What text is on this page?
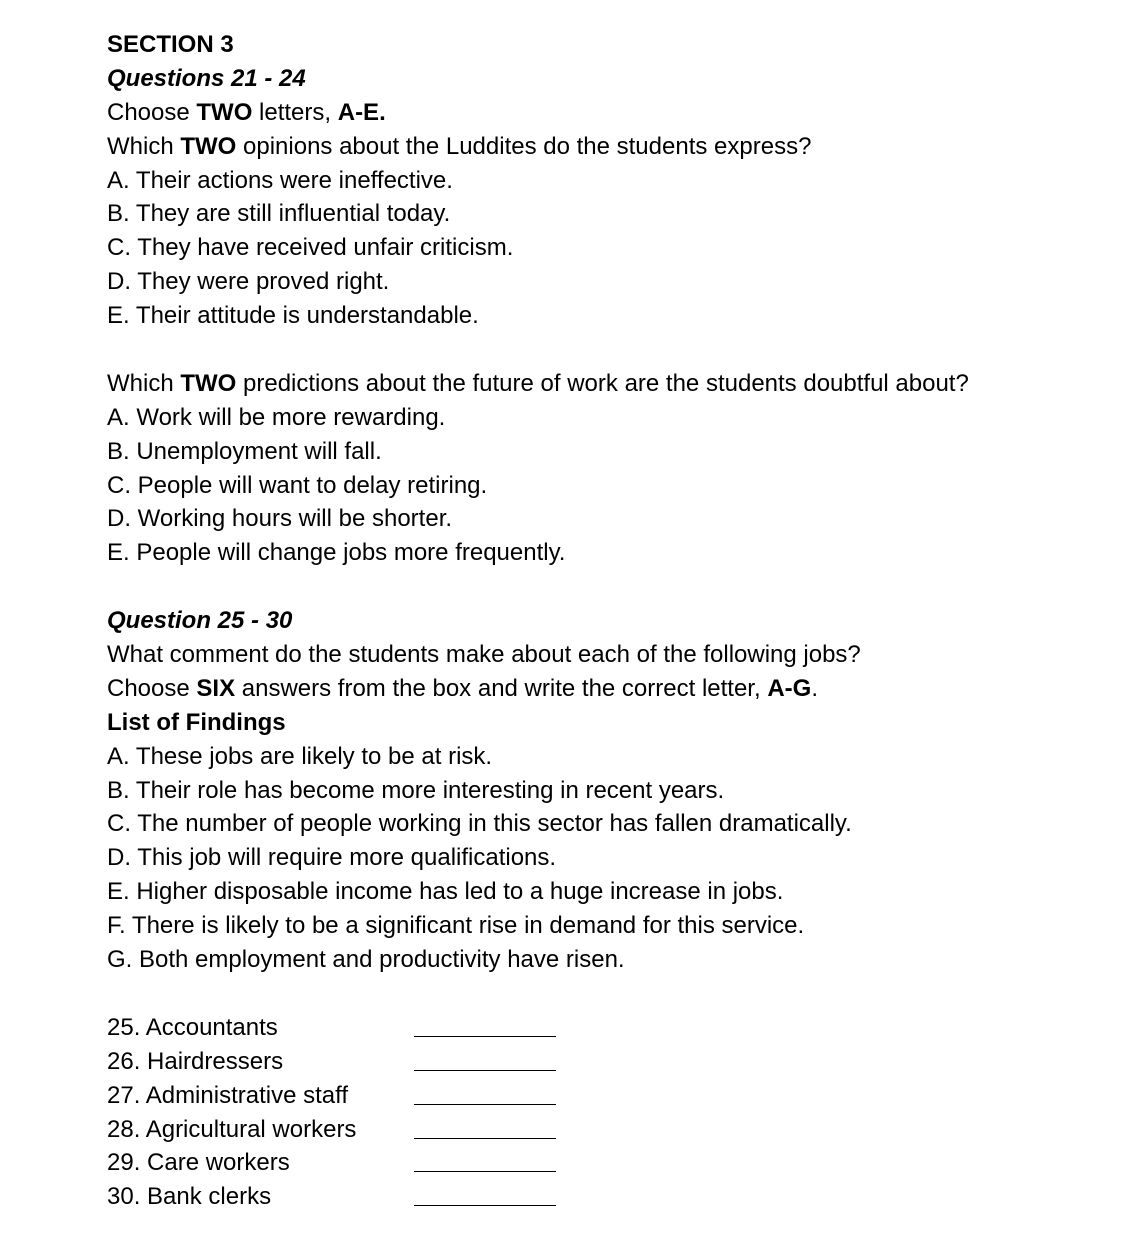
SECTION 3
Questions 21 - 24
Choose TWO letters, A-E.
Which TWO opinions about the Luddites do the students express?
A. Their actions were ineffective.
B. They are still influential today.
C. They have received unfair criticism.
D. They were proved right.
E. Their attitude is understandable.
Which TWO predictions about the future of work are the students doubtful about?
A. Work will be more rewarding.
B. Unemployment will fall.
C. People will want to delay retiring.
D. Working hours will be shorter.
E. People will change jobs more frequently.
Question 25 - 30
What comment do the students make about each of the following jobs?
Choose SIX answers from the box and write the correct letter, A-G.
List of Findings
A. These jobs are likely to be at risk.
B. Their role has become more interesting in recent years.
C. The number of people working in this sector has fallen dramatically.
D. This job will require more qualifications.
E. Higher disposable income has led to a huge increase in jobs.
F. There is likely to be a significant rise in demand for this service.
G. Both employment and productivity have risen.
25. Accountants
26. Hairdressers
27. Administrative staff
28. Agricultural workers
29. Care workers
30. Bank clerks
